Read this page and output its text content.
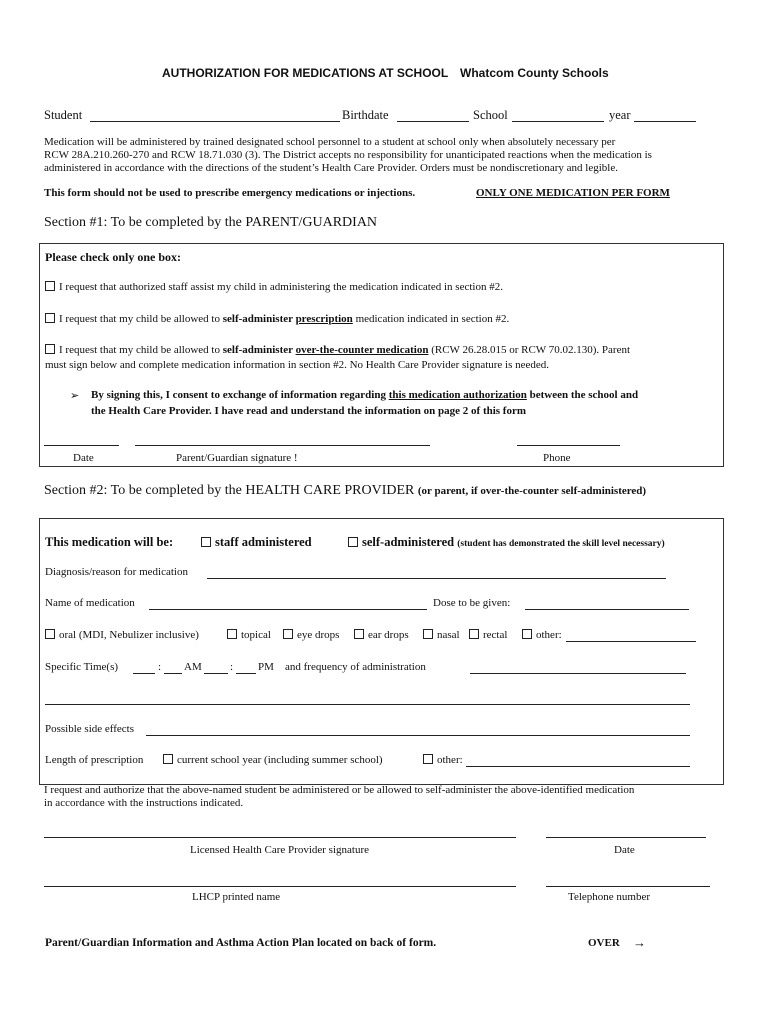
AUTHORIZATION FOR MEDICATIONS AT SCHOOL Whatcom County Schools
Student	Birthdate	School	year
Medication will be administered by trained designated school personnel to a student at school only when absolutely necessary per
RCW 28A.210.260-270 and RCW 18.71.030 (3). The District accepts no responsibility for unanticipated reactions when the medication is
administered in accordance with the directions of the student’s Health Care Provider. Orders must be nondiscretionary and legible.
This form should not be used to prescribe emergency medications or injections.	ONLY ONE MEDICATION PER FORM
Section #1: To be completed by the PARENT/GUARDIAN
Please check only one box:
I request that authorized staff assist my child in administering the medication indicated in section #2.
I request that my child be allowed to self-administer prescription medication indicated in section #2.
I request that my child be allowed to self-administer over-the-counter medication (RCW 26.28.015 or RCW 70.02.130). Parent
must sign below and complete medication information in section #2. No Health Care Provider signature is needed.
➢ By signing this, I consent to exchange of information regarding this medication authorization between the school and
the Health Care Provider. I have read and understand the information on page 2 of this form
Date	Parent/Guardian signature !	Phone
Section #2: To be completed by the HEALTH CARE PROVIDER (or parent, if over-the-counter self-administered)
This medication will be:	staff administered	self-administered (student has demonstrated the skill level necessary)
Diagnosis/reason for medication
Name of medication	Dose to be given:
oral (MDI, Nebulizer inclusive)	topical	eye drops	ear drops	nasal	rectal	other:
Specific Time(s)	: AM	: PM and frequency of administration
Possible side effects
Length of prescription	current school year (including summer school)	other:
I request and authorize that the above-named student be administered or be allowed to self-administer the above-identified medication
in accordance with the instructions indicated.
Licensed Health Care Provider signature	Date
LHCP printed name	Telephone number
Parent/Guardian Information and Asthma Action Plan located on back of form.	OVER →
